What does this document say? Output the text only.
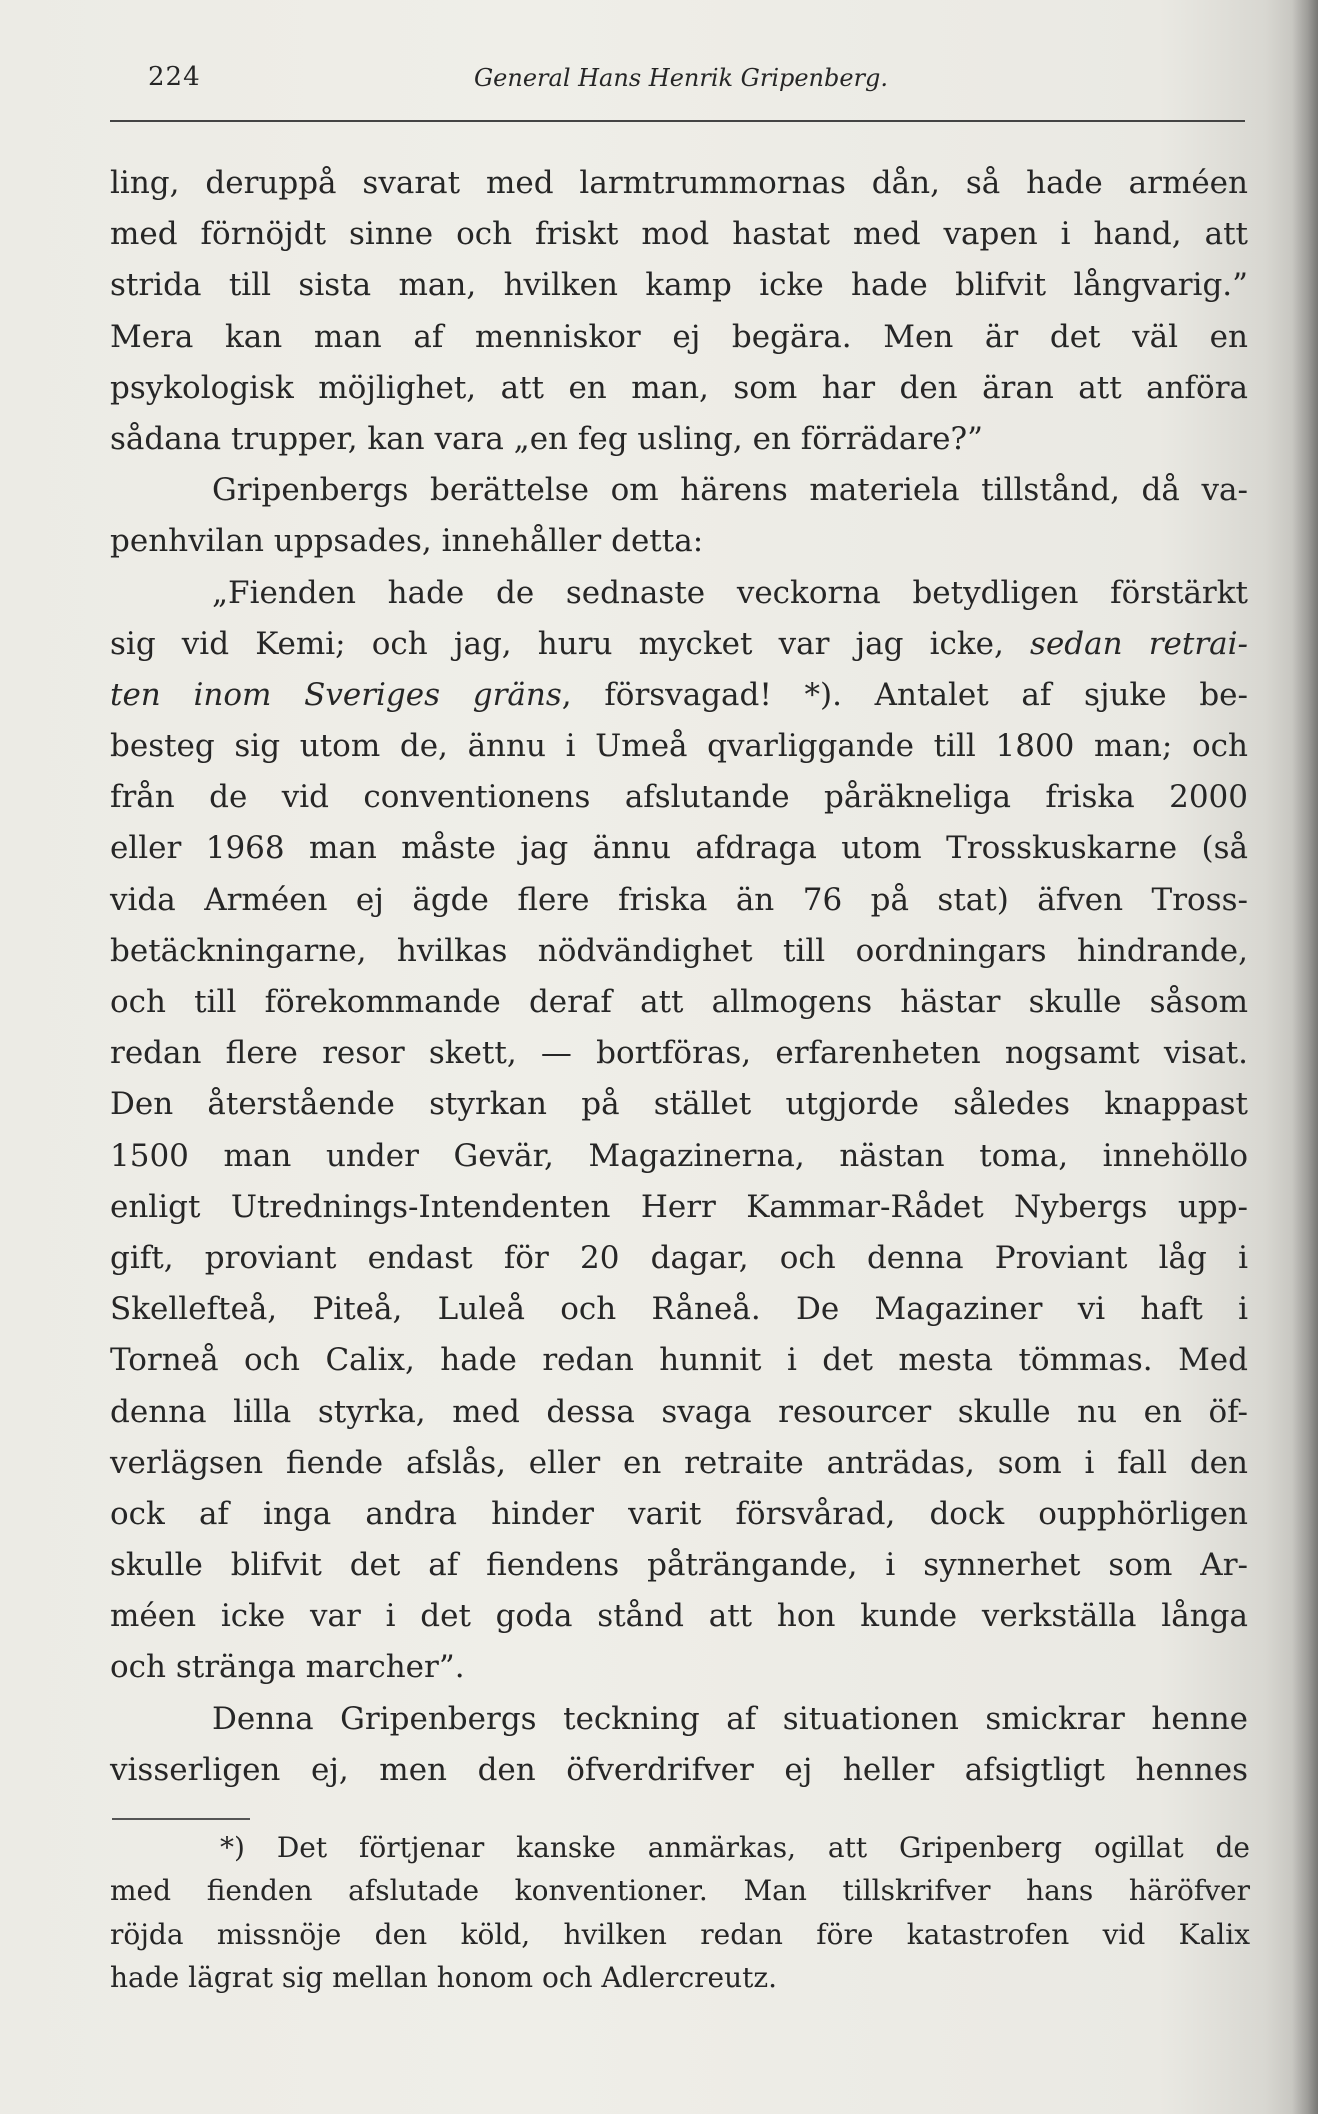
224	General Hans Henrik Gripenberg.
ling, deruppå svarat med larmtrummornas dån, så hade arméen
med förnöjdt sinne och friskt mod hastat med vapen i hand, att
strida till sista man, hvilken kamp icke hade blifvit långvarig.”
Mera kan man af menniskor ej begära. Men är det väl en
psykologisk möjlighet, att en man, som har den äran att anföra
sådana trupper, kan vara „en feg usling, en förrädare?”
Gripenbergs berättelse om härens materiela tillstånd, då va-
penhvilan uppsades, innehåller detta:
„Fienden hade de sednaste veckorna betydligen förstärkt
sig vid Kemi; och jag, huru mycket var jag icke, sedan retrai-
ten inom Sveriges gräns, försvagad! *). Antalet af sjuke be-
besteg sig utom de, ännu i Umeå qvarliggande till 1800 man; och
från de vid conventionens afslutande påräkneliga friska 2000
eller 1968 man måste jag ännu afdraga utom Trosskuskarne (så
vida Arméen ej ägde flere friska än 76 på stat) äfven Tross-
betäckningarne, hvilkas nödvändighet till oordningars hindrande,
och till förekommande deraf att allmogens hästar skulle såsom
redan flere resor skett, — bortföras, erfarenheten nogsamt visat.
Den återstående styrkan på stället utgjorde således knappast
1500 man under Gevär, Magazinerna, nästan toma, innehöllo
enligt Utrednings-Intendenten Herr Kammar-Rådet Nybergs upp-
gift, proviant endast för 20 dagar, och denna Proviant låg i
Skellefteå, Piteå, Luleå och Råneå. De Magaziner vi haft i
Torneå och Calix, hade redan hunnit i det mesta tömmas. Med
denna lilla styrka, med dessa svaga resourcer skulle nu en öf-
verlägsen fiende afslås, eller en retraite anträdas, som i fall den
ock af inga andra hinder varit försvårad, dock oupphörligen
skulle blifvit det af fiendens påträngande, i synnerhet som Ar-
méen icke var i det goda stånd att hon kunde verkställa långa
och stränga marcher”.
Denna Gripenbergs teckning af situationen smickrar henne
visserligen ej, men den öfverdrifver ej heller afsigtligt hennes
*) Det förtjenar kanske anmärkas, att Gripenberg ogillat de
med fienden afslutade konventioner. Man tillskrifver hans häröfver
röjda missnöje den köld, hvilken redan före katastrofen vid Kalix
hade lägrat sig mellan honom och Adlercreutz.
